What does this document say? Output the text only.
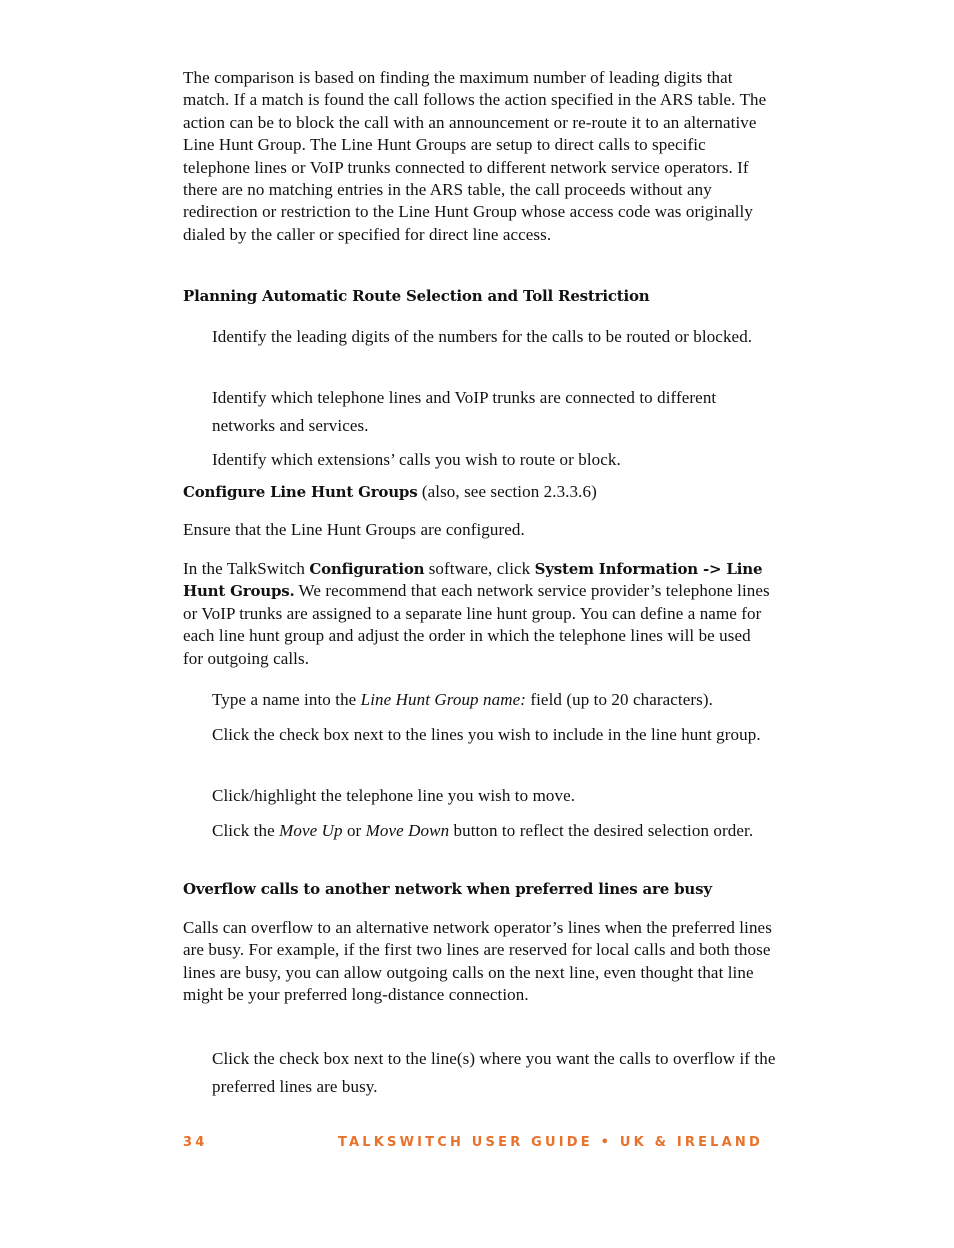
The comparison is based on finding the maximum number of leading digits that match. If a match is found the call follows the action specified in the ARS table. The action can be to block the call with an announcement or re-route it to an alternative Line Hunt Group. The Line Hunt Groups are setup to direct calls to specific telephone lines or VoIP trunks connected to different network service operators. If there are no matching entries in the ARS table, the call proceeds without any redirection or restriction to the Line Hunt Group whose access code was originally dialed by the caller or specified for direct line access.

Planning Automatic Route Selection and Toll Restriction

Identify the leading digits of the numbers for the calls to be routed or blocked.

Identify which telephone lines and VoIP trunks are connected to different networks and services.

Identify which extensions’ calls you wish to route or block.

Configure Line Hunt Groups (also, see section 2.3.3.6)

Ensure that the Line Hunt Groups are configured.

In the TalkSwitch Configuration software, click System Information -> Line Hunt Groups. We recommend that each network service provider’s telephone lines or VoIP trunks are assigned to a separate line hunt group. You can define a name for each line hunt group and adjust the order in which the telephone lines will be used for outgoing calls.

Type a name into the Line Hunt Group name: field (up to 20 characters).

Click the check box next to the lines you wish to include in the line hunt group.

Click/highlight the telephone line you wish to move.

Click the Move Up or Move Down button to reflect the desired selection order.

Overflow calls to another network when preferred lines are busy

Calls can overflow to an alternative network operator’s lines when the preferred lines are busy. For example, if the first two lines are reserved for local calls and both those lines are busy, you can allow outgoing calls on the next line, even thought that line might be your preferred long-distance connection.

Click the check box next to the line(s) where you want the calls to overflow if the preferred lines are busy.

34	TALKSWITCH USER GUIDE • UK & IRELAND
